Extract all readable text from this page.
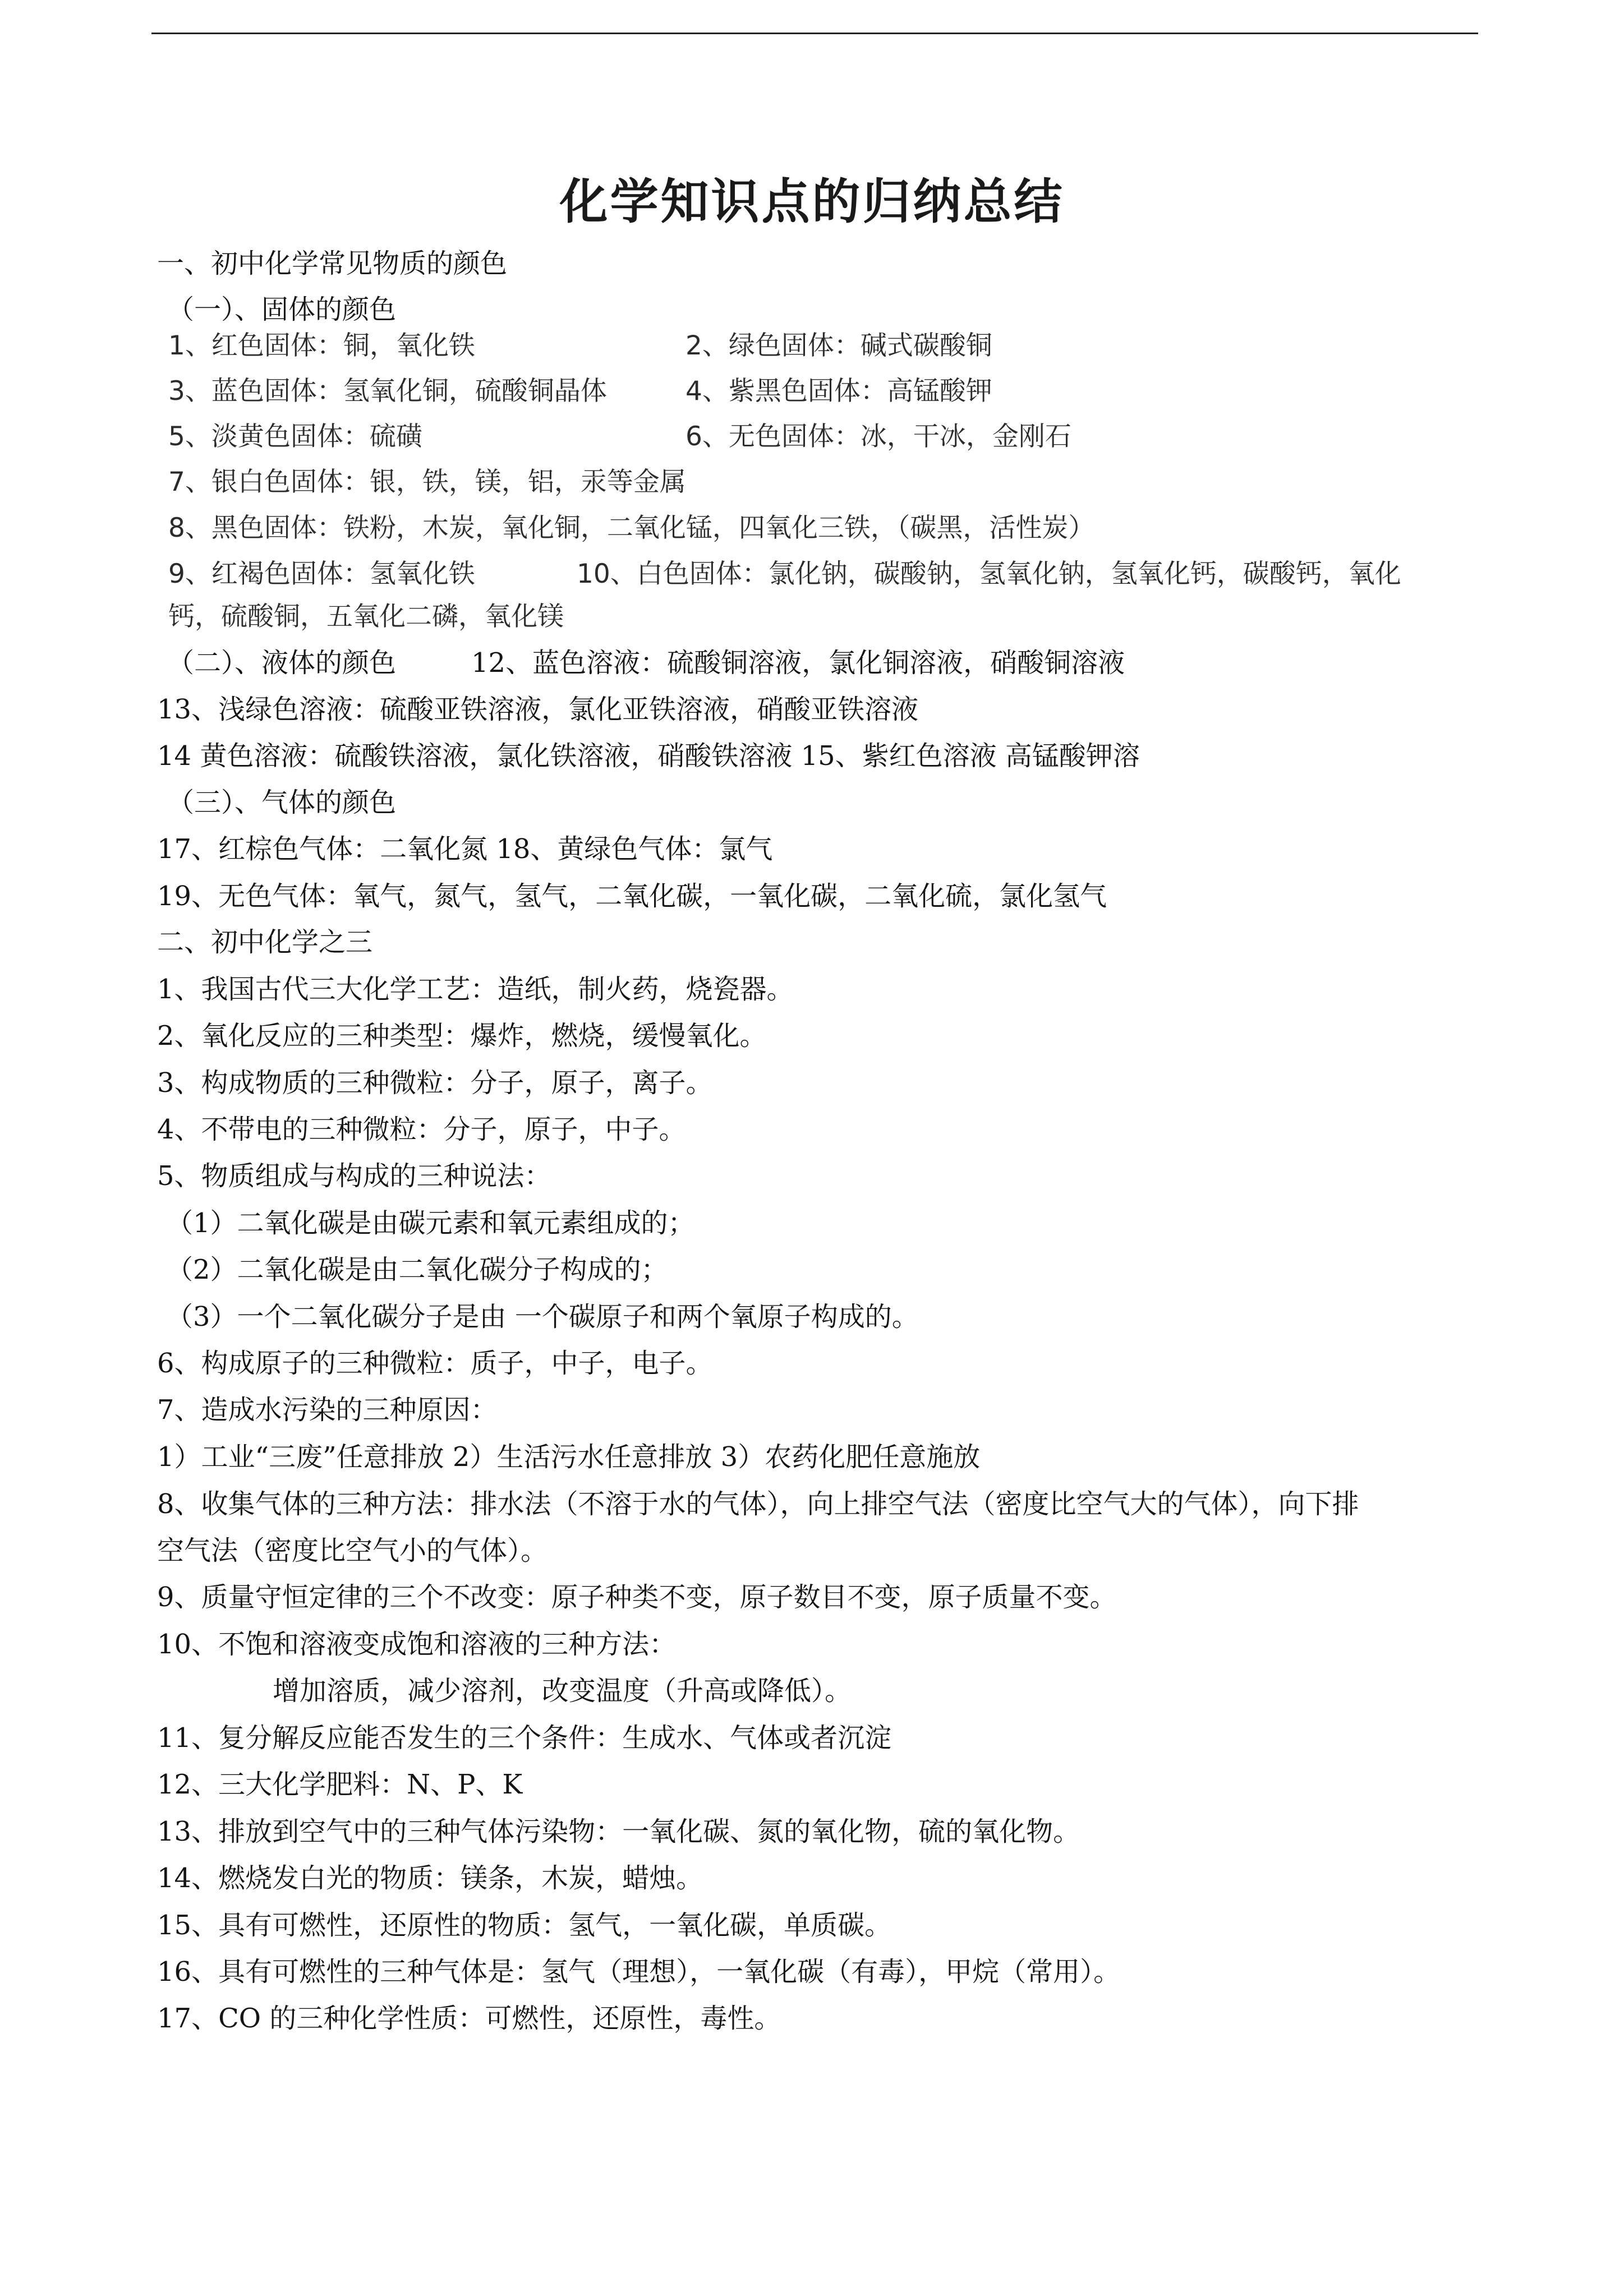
化学知识点的归纳总结
一、初中化学常见物质的颜色
（一）、固体的颜色
1、红色固体：铜，氧化铁	2、绿色固体：碱式碳酸铜
3、蓝色固体：氢氧化铜，硫酸铜晶体	4、紫黑色固体：高锰酸钾
5、淡黄色固体：硫磺	6、无色固体：冰，干冰，金刚石
7、银白色固体：银，铁，镁，铝，汞等金属
8、黑色固体：铁粉，木炭，氧化铜，二氧化锰，四氧化三铁，（碳黑，活性炭）
9、红褐色固体：氢氧化铁	10、白色固体：氯化钠，碳酸钠，氢氧化钠，氢氧化钙，碳酸钙，氧化
钙，硫酸铜，五氧化二磷，氧化镁
（二）、液体的颜色	12、蓝色溶液：硫酸铜溶液，氯化铜溶液，硝酸铜溶液
13、浅绿色溶液：硫酸亚铁溶液，氯化亚铁溶液，硝酸亚铁溶液
14 黄色溶液：硫酸铁溶液，氯化铁溶液，硝酸铁溶液 15、紫红色溶液 高锰酸钾溶
（三）、气体的颜色
17、红棕色气体：二氧化氮 18、黄绿色气体：氯气
19、无色气体：氧气，氮气，氢气，二氧化碳，一氧化碳，二氧化硫，氯化氢气
二、初中化学之三
1、我国古代三大化学工艺：造纸，制火药，烧瓷器。
2、氧化反应的三种类型：爆炸，燃烧，缓慢氧化。
3、构成物质的三种微粒：分子，原子，离子。
4、不带电的三种微粒：分子，原子，中子。
5、物质组成与构成的三种说法：
（1）二氧化碳是由碳元素和氧元素组成的；
（2）二氧化碳是由二氧化碳分子构成的；
（3）一个二氧化碳分子是由 一个碳原子和两个氧原子构成的。
6、构成原子的三种微粒：质子，中子，电子。
7、造成水污染的三种原因：
1）工业“三废”任意排放 2）生活污水任意排放 3）农药化肥任意施放
8、收集气体的三种方法：排水法（不溶于水的气体），向上排空气法（密度比空气大的气体），向下排
空气法（密度比空气小的气体）。
9、质量守恒定律的三个不改变：原子种类不变，原子数目不变，原子质量不变。
10、不饱和溶液变成饱和溶液的三种方法：
增加溶质，减少溶剂，改变温度（升高或降低）。
11、复分解反应能否发生的三个条件：生成水、气体或者沉淀
12、三大化学肥料：N、P、K
13、排放到空气中的三种气体污染物：一氧化碳、氮的氧化物，硫的氧化物。
14、燃烧发白光的物质：镁条，木炭，蜡烛。
15、具有可燃性，还原性的物质：氢气，一氧化碳，单质碳。
16、具有可燃性的三种气体是：氢气（理想），一氧化碳（有毒），甲烷（常用）。
17、CO 的三种化学性质：可燃性，还原性，毒性。
